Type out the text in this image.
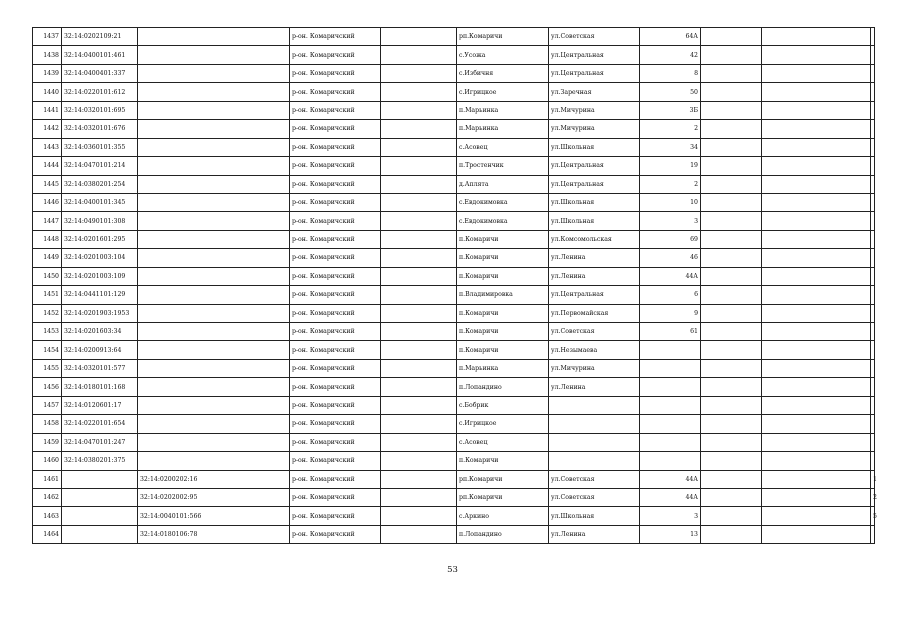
1437	32:14:0202109:21		р-он. Комаричский		рп.Комаричи	ул.Советская	64А			
1438	32:14:0400101:461		р-он. Комаричский		с.Усожа	ул.Центральная	42			
1439	32:14:0400401:337		р-он. Комаричский		с.Избичня	ул.Центральная	8			
1440	32:14:0220101:612		р-он. Комаричский		с.Игрицкое	ул.Заречная	50			
1441	32:14:0320101:695		р-он. Комаричский		п.Марьинка	ул.Мичурина	3Б			
1442	32:14:0320101:676		р-он. Комаричский		п.Марьинка	ул.Мичурина	2			
1443	32:14:0360101:355		р-он. Комаричский		с.Асовец	ул.Школьная	34			
1444	32:14:0470101:214		р-он. Комаричский		п.Тростенчик	ул.Центральная	19			
1445	32:14:0380201:254		р-он. Комаричский		д.Аплята	ул.Центральная	2			
1446	32:14:0400101:345		р-он. Комаричский		с.Евдокимовка	ул.Школьная	10			
1447	32:14:0490101:308		р-он. Комаричский		с.Евдокимовка	ул.Школьная	3			
1448	32:14:0201601:295		р-он. Комаричский		п.Комаричи	ул.Комсомольская	69			
1449	32:14:0201003:104		р-он. Комаричский		п.Комаричи	ул.Ленина	46			
1450	32:14:0201003:109		р-он. Комаричский		п.Комаричи	ул.Ленина	44А			
1451	32:14:0441101:129		р-он. Комаричский		п.Владимировка	ул.Центральная	6			
1452	32:14:0201903:1953		р-он. Комаричский		п.Комаричи	ул.Первомайская	9			
1453	32:14:0201603:34		р-он. Комаричский		п.Комаричи	ул.Советская	61			
1454	32:14:0200913:64		р-он. Комаричский		п.Комаричи	ул.Незымаева				
1455	32:14:0320101:577		р-он. Комаричский		п.Марьинка	ул.Мичурина				
1456	32:14:0180101:168		р-он. Комаричский		п.Лопандино	ул.Ленина				
1457	32:14:0120601:17		р-он. Комаричский		с.Бобрик					
1458	32:14:0220101:654		р-он. Комаричский		с.Игрицкое					
1459	32:14:0470101:247		р-он. Комаричский		с.Асовец					
1460	32:14:0380201:375		р-он. Комаричский		п.Комаричи					
1461		32:14:0200202:16	р-он. Комаричский		рп.Комаричи	ул.Советская	44А			1
1462		32:14:0202002:95	р-он. Комаричский		рп.Комаричи	ул.Советская	44А			2
1463		32:14:0040101:566	р-он. Комаричский		с.Аркино	ул.Школьная	3			5
1464		32:14:0180106:78	р-он. Комаричский		п.Лопандино	ул.Ленина	13			
53
